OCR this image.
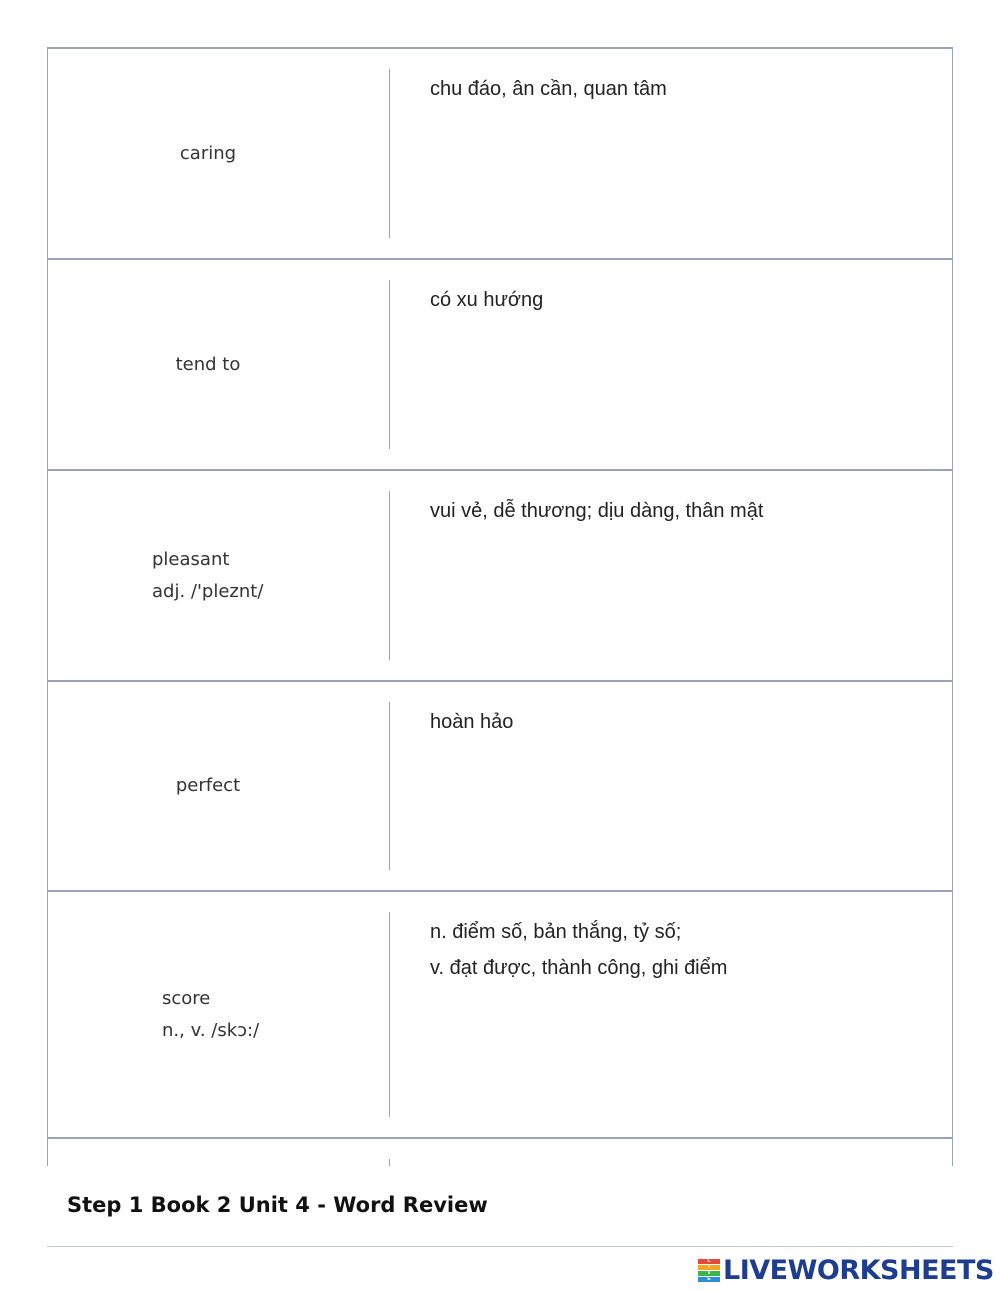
caring
chu đáo, ân cần, quan tâm
tend to
có xu hướng
pleasant
adj. /'pleznt/
vui vẻ, dễ thương; dịu dàng, thân mật
perfect
hoàn hảo
score
n., v. /skɔ:/
n. điểm số, bản thắng, tỷ số;
v. đạt được, thành công, ghi điểm
Step 1 Book 2 Unit 4 - Word Review
L
I
V
E LIVEWORKSHEETS
